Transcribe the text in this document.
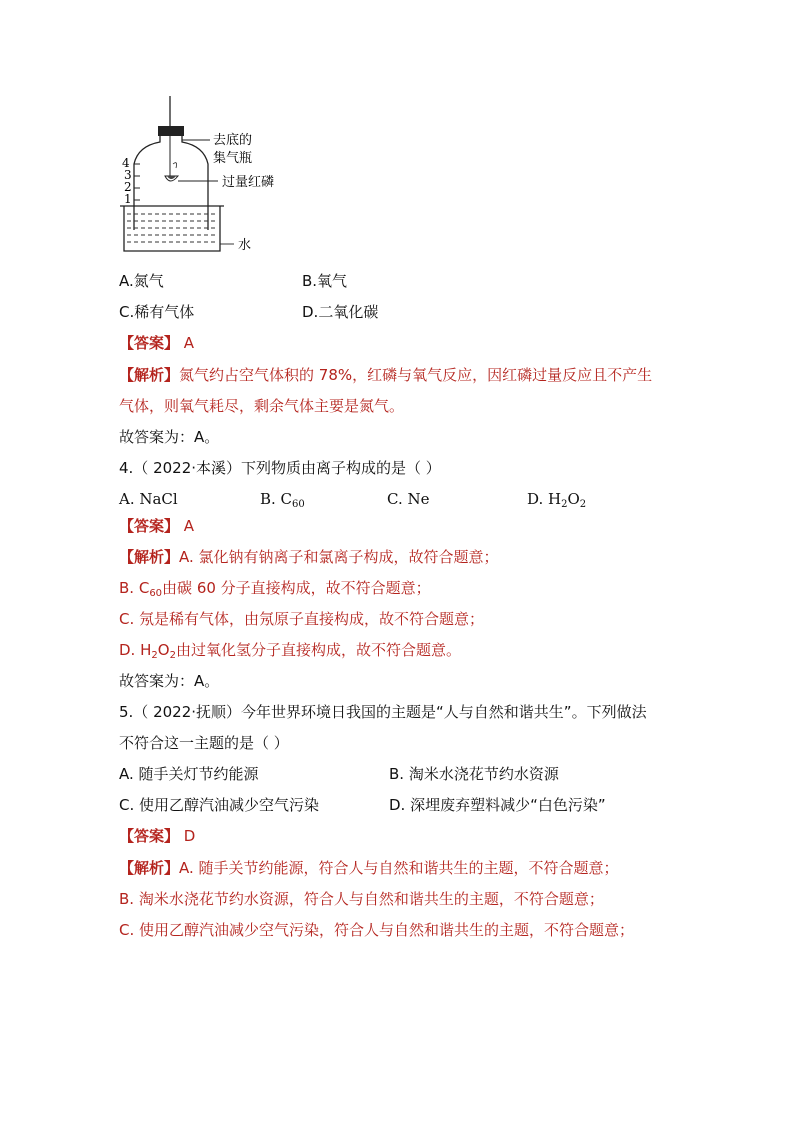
4
3
2
1
去底的
集气瓶
过量红磷
水
A.氮气	B.氧气
C.稀有气体	D.二氧化碳
【答案】 A
【解析】氮气约占空气体积的 78%，红磷与氧气反应，因红磷过量反应且不产生
气体，则氧气耗尽，剩余气体主要是氮气。
故答案为：A。
4.（ 2022·本溪）下列物质由离子构成的是（ ）
A. NaCl	B. $C_{60}$	C. Ne	D. $H_2O_2$
【答案】 A
【解析】A. 氯化钠有钠离子和氯离子构成，故符合题意；
B. $C_{60}$由碳 60 分子直接构成，故不符合题意；
C. 氖是稀有气体，由氖原子直接构成，故不符合题意；
D. $H_2O_2$由过氧化氢分子直接构成，故不符合题意。
故答案为：A。
5.（ 2022·抚顺）今年世界环境日我国的主题是“人与自然和谐共生”。下列做法
不符合这一主题的是（ ）
A. 随手关灯节约能源	B. 淘米水浇花节约水资源
C. 使用乙醇汽油减少空气污染	D. 深埋废弃塑料减少“白色污染”
【答案】 D
【解析】A. 随手关节约能源，符合人与自然和谐共生的主题，不符合题意；
B. 淘米水浇花节约水资源，符合人与自然和谐共生的主题，不符合题意；
C. 使用乙醇汽油减少空气污染，符合人与自然和谐共生的主题，不符合题意；
